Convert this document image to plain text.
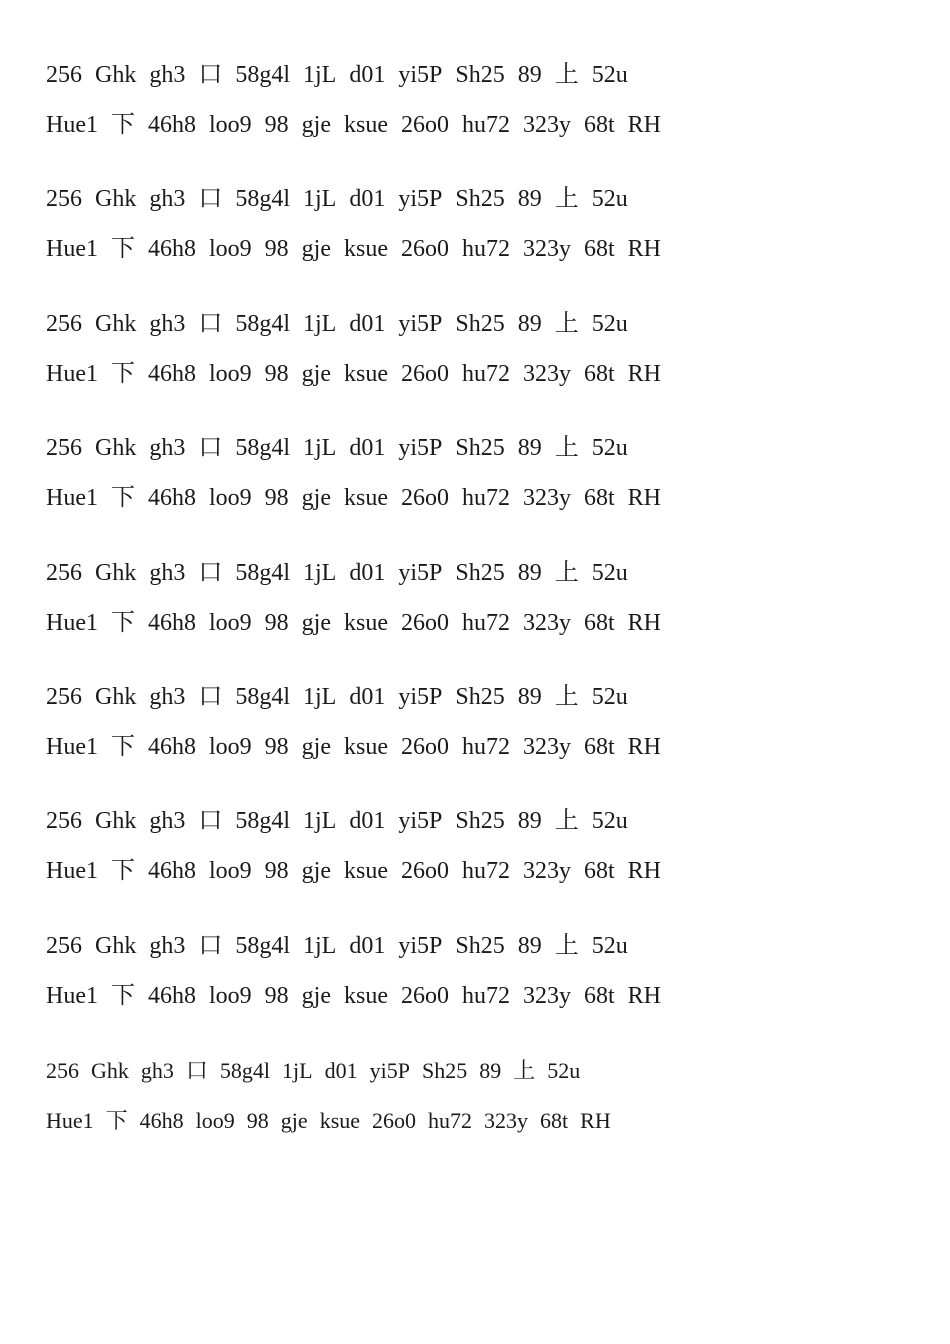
256 Ghkgh3 口 58g4l 1jL d01 yi5P Sh25 89 上 52u
Hue1 下 46h8 loo9 98 gje ksue 26o0 hu72 323y 68t RH
256 Ghkgh3 口 58g4l 1jL d01 yi5P Sh25 89 上 52u
Hue1 下 46h8 loo9 98 gje ksue 26o0 hu72 323y 68t RH
256 Ghkgh3 口 58g4l 1jL d01 yi5P Sh25 89 上 52u
Hue1 下 46h8 loo9 98 gje ksue 26o0 hu72 323y 68t RH
256 Ghkgh3 口 58g4l 1jL d01 yi5P Sh25 89 上 52u
Hue1 下 46h8 loo9 98 gje ksue 26o0 hu72 323y 68t RH
256 Ghkgh3 口 58g4l 1jL d01 yi5P Sh25 89 上 52u
Hue1 下 46h8 loo9 98 gje ksue 26o0 hu72 323y 68t RH
256 Ghkgh3 口 58g4l 1jL d01 yi5P Sh25 89 上 52u
Hue1 下 46h8 loo9 98 gje ksue 26o0 hu72 323y 68t RH
256 Ghkgh3 口 58g4l 1jL d01 yi5P Sh25 89 上 52u
Hue1 下 46h8 loo9 98 gje ksue 26o0 hu72 323y 68t RH
256 Ghkgh3 口 58g4l 1jL d01 yi5P Sh25 89 上 52u
Hue1 下 46h8 loo9 98 gje ksue 26o0 hu72 323y 68t RH
256 Ghkgh3 口 58g4l 1jL d01 yi5P Sh25 89 上 52u
Hue1 下 46h8 loo9 98 gje ksue 26o0 hu72 323y 68t RH
